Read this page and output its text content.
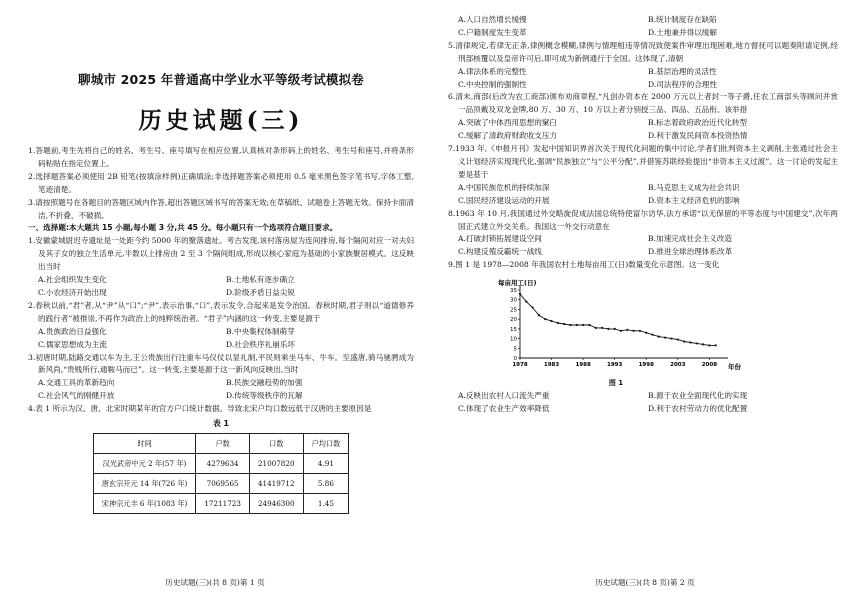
聊城市 2025 年普通高中学业水平等级考试模拟卷
历史试题(三)

1.答题前,考生先将自己的姓名、考生号、座号填写在相应位置,认真核对条形码上的姓名、考生号和座号,并将条形码粘贴在指定位置上。

2.选择题答案必须使用 2B 铅笔(按填涂样例)正确填涂;非选择题答案必须使用 0.5 毫米黑色签字笔书写,字体工整,笔迹清楚。

3.请按照题号在各题目的答题区域内作答,超出答题区域书写的答案无效;在草稿纸、试题卷上答题无效。保持卡面清洁,不折叠、不破损。

一、选择题:本大题共 15 小题,每小题 3 分,共 45 分。每小题只有一个选项符合题目要求。

1.安徽蒙城尉迟寺遗址是一处距今约 5000 年的聚落遗址。考古发现,该村落房屋为连间排房,每个隔间对应一对夫妇及其子女的独立生活单元,半数以上排房由 2 至 3 个隔间组成,形成以核心家庭为基础的小家族聚居模式。这反映出当时

A.社会组织发生变化	B.土地私有逐步确立
C.小农经济开始出现	D.阶级矛盾日益尖锐

2.春秋以前,“君”者,从“尹”从“口”;“尹”,表示治事,“口”,表示发令,合起来是发令治国。春秋时期,君子则以“道德修养的践行者”被推崇,不再作为政治上的纯粹统治者。“君子”内涵的这一转变,主要是源于

A.贵族政治日益强化	B.中央集权体制萌芽
C.儒家思想成为主流	D.社会秩序礼崩乐坏

3.初唐时期,陆路交通以车为主,王公贵族出行注重车马仪仗以显礼制,平民则乘坐马车、牛车。至盛唐,骑马驰骋成为新风尚,“贵贱所行,通鞍马而已”。这一转变,主要是源于这一新风向反映出,当时

A.交通工具的革新趋向	B.民族交融趋势的加强
C.社会风气的刚健开放	D.传统等级秩序的瓦解

4.表 1 所示为汉、唐、北宋时期某年的官方户口统计数据。导致北宋户均口数远低于汉唐的主要原因是

表 1
时间	户数	口数	户均口数
汉光武帝中元 2 年(57 年)	4279634	21007820	4.91
唐玄宗开元 14 年(726 年)	7069565	41419712	5.86
宋神宗元丰 6 年(1083 年)	17211723	24946300	1.45
历史试题(三)(共 8 页)第 1 页
A.人口自然增长缓慢	B.统计制度存在缺陷
C.户籍制度发生变革	D.土地兼并得以缓解

5.清律规定,若律无正条,律例概念模糊,律例与情理相违等情况致使案件审理出现困难,地方督抚可以题奏附请定例,经刑部核覆以及皇帝许可后,即可成为新例通行于全国。这体现了,清朝

A.律法体系的完整性	B.基层治理的灵活性
C.中央控制的强制性	D.司法程序的合理性

6.清末,商部(后改为农工商部)颁布劝商章程,“凡创办资本在 2000 万元以上者封一等子爵,任农工商部头等顾问并赏一品顶戴及双龙金牌,80 万、30 万、10 万以上者分别授三品、四品、五品衔。该举措

A.突破了中体西用思想的窠臼	B.标志着政府政治近代化转型
C.缓解了清政府财政收支压力	D.利于激发民间资本投资热情

7.1933 年,《申报月刊》发起中国知识界首次关于现代化问题的集中讨论,学者们批判资本主义剥削,主张通过社会主义计划经济实现现代化,强调“民族独立”与“公平分配”,并借鉴苏联经验提出“非资本主义过渡”。这一讨论的发起主要是基于

A.中国民族危机的持续加深	B.马克思主义成为社会共识
C.国民经济建设运动的开展	D.资本主义经济危机的影响

8.1963 年 10 月,我国通过外交略旋促成法国总统特使富尔访华,法方承诺“以无保留的平等态度与中国建交”,次年两国正式建立外交关系。我国这一外交行动意在

A.打破封锁拓展建设空间	B.加速完成社会主义改造
C.构建反殖反霸统一战线	D.推进全球治理体系改革

9.图 1 是 1978—2008 年我国农村土地每亩用工(日)数量变化示意图。这一变化

每亩用工(日)
0
5
10
15
20
25
30
35
1978	1983	1988	1993	1998	2003	2008 年份
图 1
A.反映出农村人口流失严重	B.源于农业全面现代化的实现
C.体现了农业生产效率降低	D.利于农村劳动力的优化配置
历史试题(三)(共 8 页)第 2 页
